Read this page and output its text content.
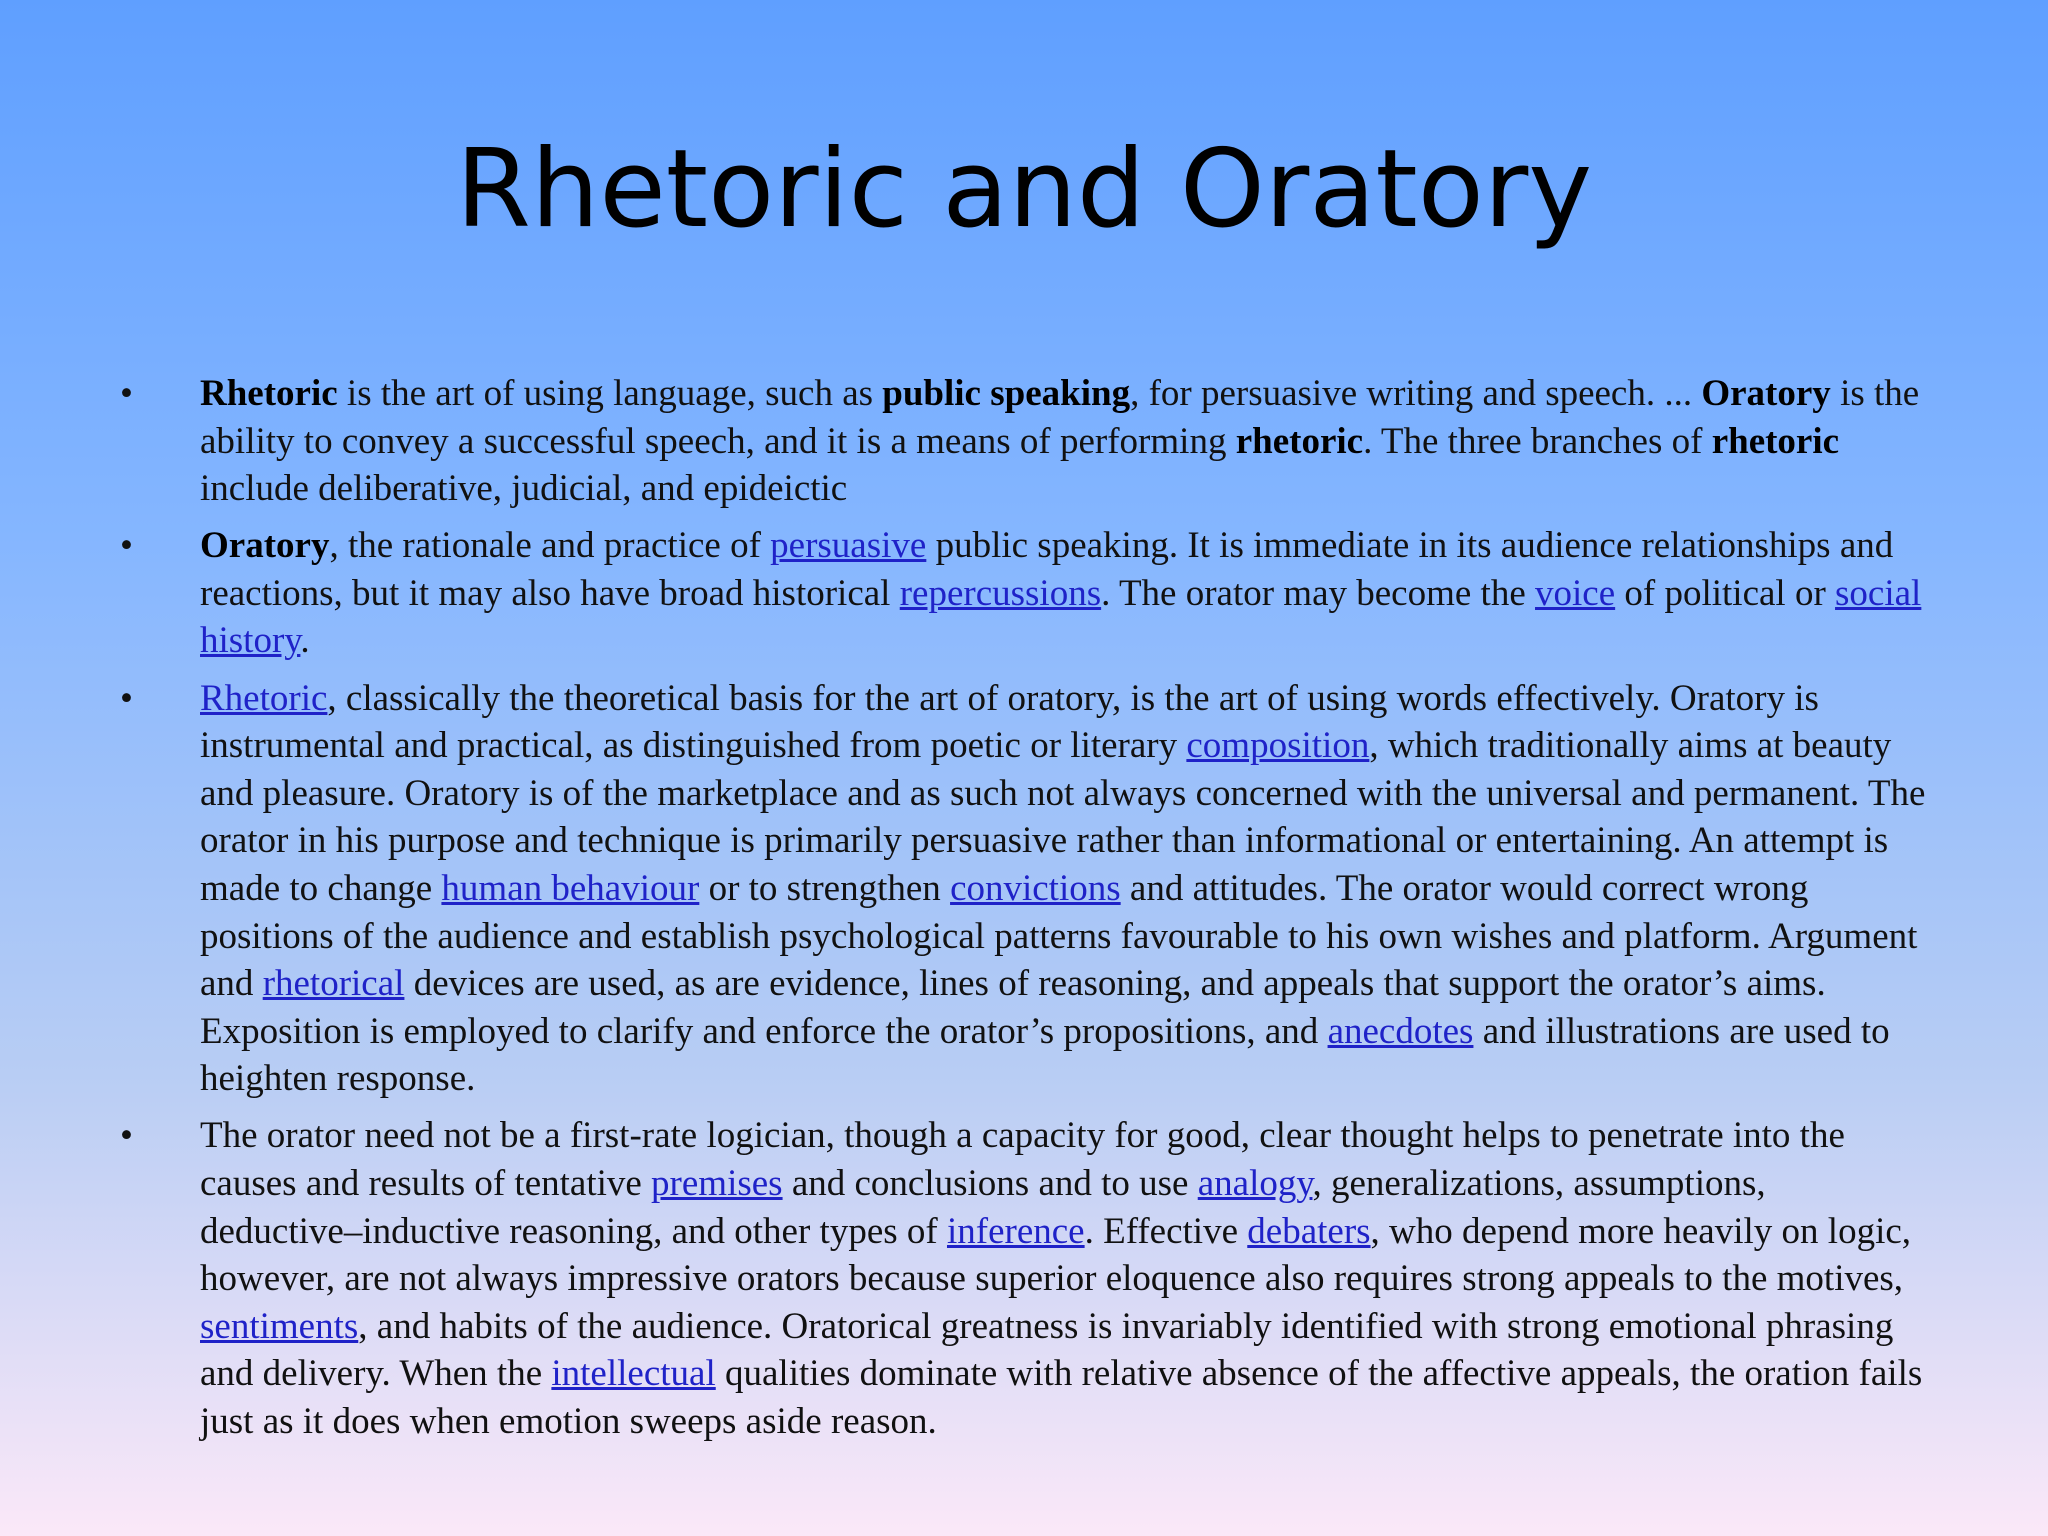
Rhetoric and Oratory
• Rhetoric is the art of using language, such as public speaking, for persuasive writing and speech. ... Oratory is the ability to convey a successful speech, and it is a means of performing rhetoric. The three branches of rhetoric include deliberative, judicial, and epideictic
• Oratory, the rationale and practice of persuasive public speaking. It is immediate in its audience relationships and reactions, but it may also have broad historical repercussions. The orator may become the voice of political or social history.
• Rhetoric, classically the theoretical basis for the art of oratory, is the art of using words effectively. Oratory is instrumental and practical, as distinguished from poetic or literary composition, which traditionally aims at beauty and pleasure. Oratory is of the marketplace and as such not always concerned with the universal and permanent. The orator in his purpose and technique is primarily persuasive rather than informational or entertaining. An attempt is made to change human behaviour or to strengthen convictions and attitudes. The orator would correct wrong positions of the audience and establish psychological patterns favourable to his own wishes and platform. Argument and rhetorical devices are used, as are evidence, lines of reasoning, and appeals that support the orator’s aims. Exposition is employed to clarify and enforce the orator’s propositions, and anecdotes and illustrations are used to heighten response.
• The orator need not be a first-rate logician, though a capacity for good, clear thought helps to penetrate into the causes and results of tentative premises and conclusions and to use analogy, generalizations, assumptions, deductive–inductive reasoning, and other types of inference. Effective debaters, who depend more heavily on logic, however, are not always impressive orators because superior eloquence also requires strong appeals to the motives, sentiments, and habits of the audience. Oratorical greatness is invariably identified with strong emotional phrasing and delivery. When the intellectual qualities dominate with relative absence of the affective appeals, the oration fails just as it does when emotion sweeps aside reason.
